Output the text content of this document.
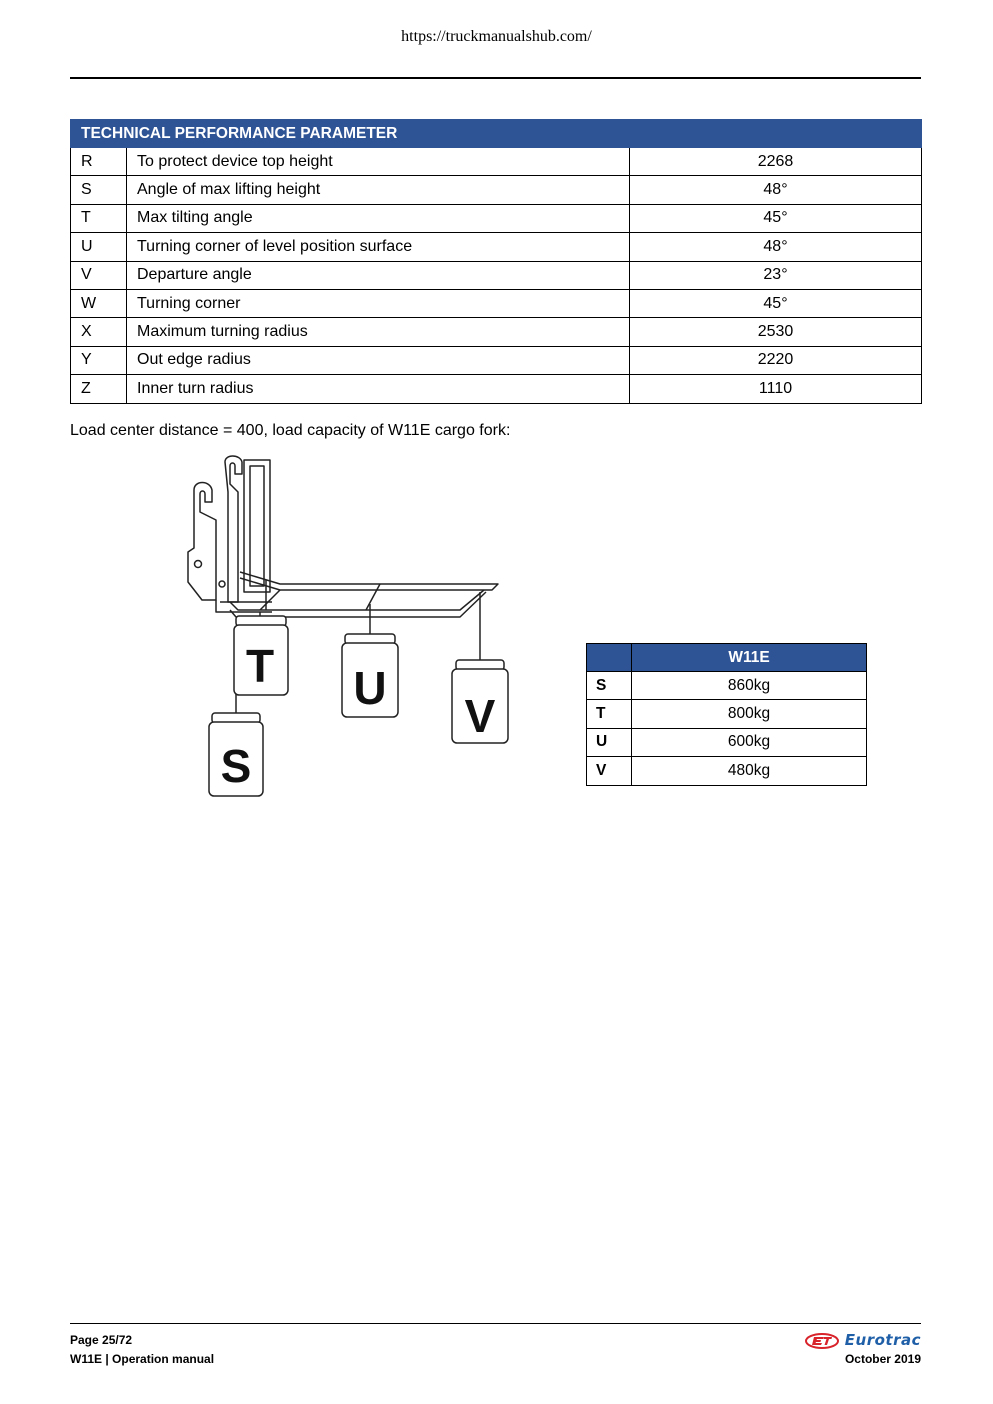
https://truckmanualshub.com/
TECHNICAL PERFORMANCE PARAMETER		
R	To protect device top height	2268
S	Angle of max lifting height	48°
T	Max tilting angle	45°
U	Turning corner of level position surface	48°
V	Departure angle	23°
W	Turning corner	45°
X	Maximum turning radius	2530
Y	Out edge radius	2220
Z	Inner turn radius	1110
Load center distance = 400, load capacity of W11E cargo fork:
T U
V
S
	W11E
S	860kg
T	800kg
U	600kg
V	480kg
Page 25/72
W11E | Operation manual
Eurotrac
October 2019
